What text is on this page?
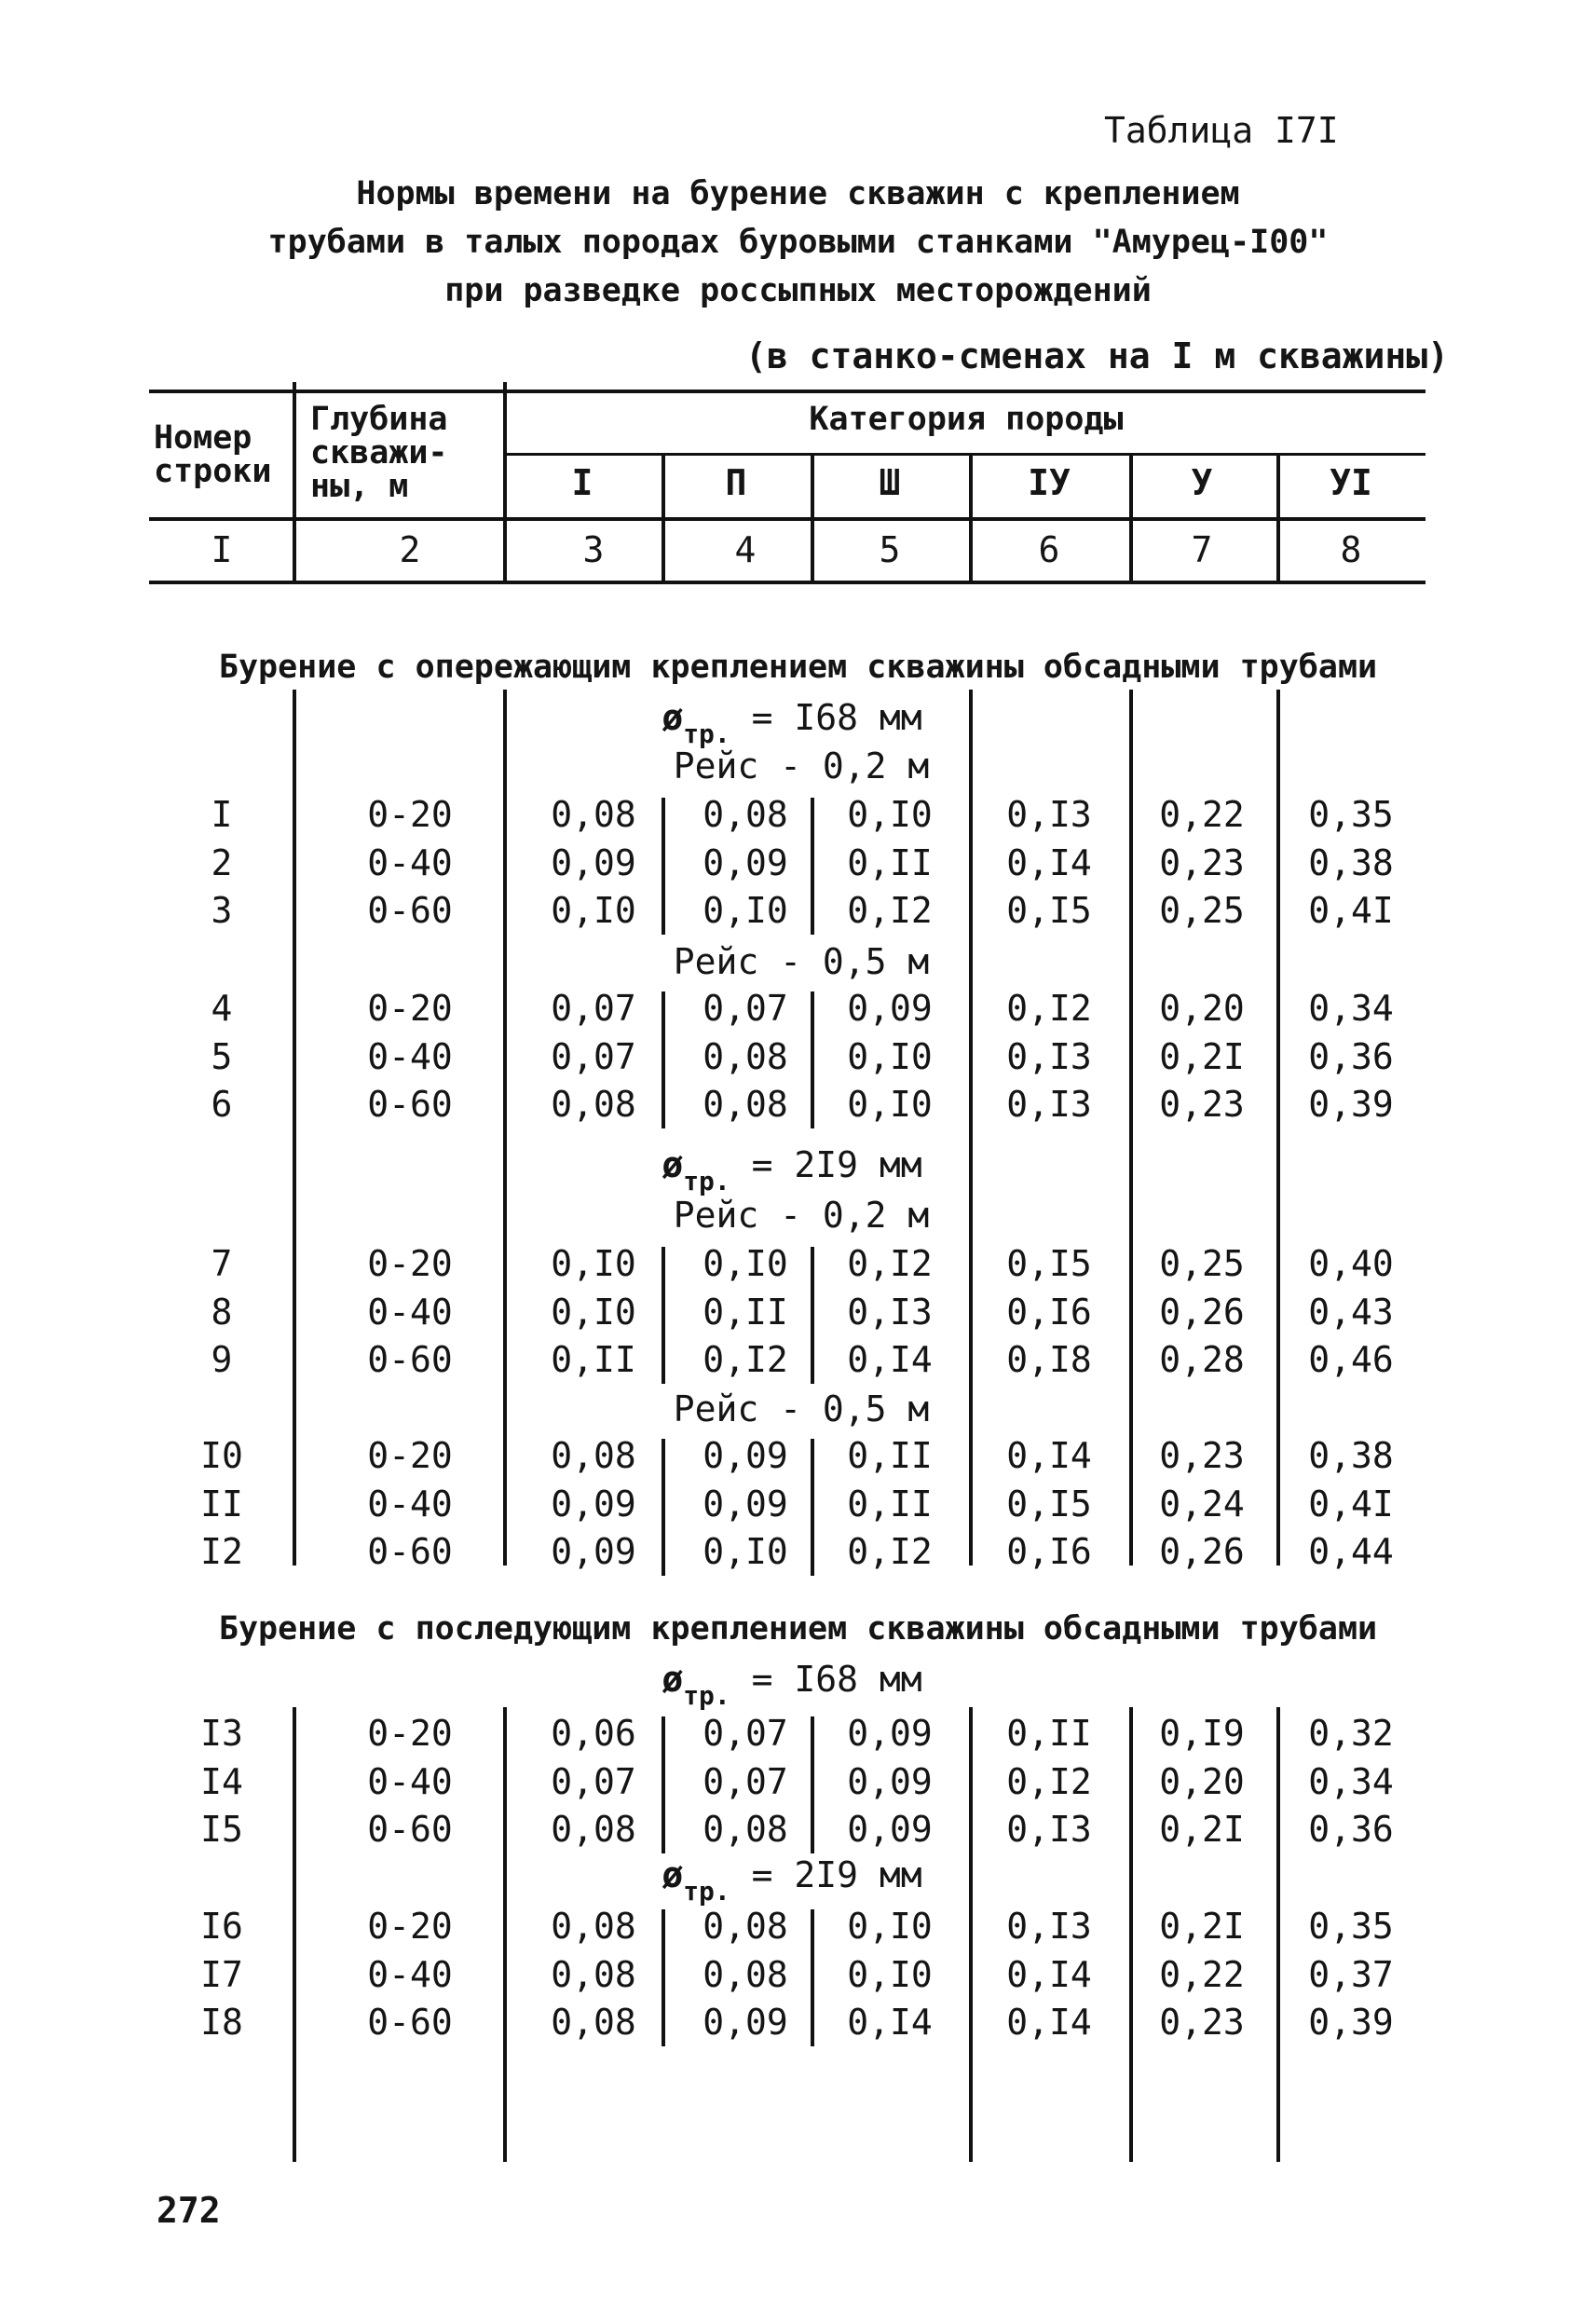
Таблица I7I
Нормы времени на бурение скважин с креплением
трубами в талых породах буровыми станками "Амурец-I00"
при разведке россыпных месторождений
(в станко-сменах на I м скважины)
Номер
строки
Глубина
скважи-
ны, м
Категория породы
I	П	Ш	IУ	У	УI
I	2	3	4	5	6	7	8
Бурение с опережающим креплением скважины обсадными трубами
$ø_{тр.} = I68$ мм
Рейс - 0,2 м
I	0-20	0,08	0,08	0,I0	0,I3	0,22	0,35
2	0-40	0,09	0,09	0,II	0,I4	0,23	0,38
3	0-60	0,I0	0,I0	0,I2	0,I5	0,25	0,4I
Рейс - 0,5 м
4	0-20	0,07	0,07	0,09	0,I2	0,20	0,34
5	0-40	0,07	0,08	0,I0	0,I3	0,2I	0,36
6	0-60	0,08	0,08	0,I0	0,I3	0,23	0,39
$ø_{тр.} = 2I9$ мм
Рейс - 0,2 м
7	0-20	0,I0	0,I0	0,I2	0,I5	0,25	0,40
8	0-40	0,I0	0,II	0,I3	0,I6	0,26	0,43
9	0-60	0,II	0,I2	0,I4	0,I8	0,28	0,46
Рейс - 0,5 м
I0	0-20	0,08	0,09	0,II	0,I4	0,23	0,38
II	0-40	0,09	0,09	0,II	0,I5	0,24	0,4I
I2	0-60	0,09	0,I0	0,I2	0,I6	0,26	0,44
Бурение с последующим креплением скважины обсадными трубами
$ø_{тр.} = I68$ мм
I3	0-20	0,06	0,07	0,09	0,II	0,I9	0,32
I4	0-40	0,07	0,07	0,09	0,I2	0,20	0,34
I5	0-60	0,08	0,08	0,09	0,I3	0,2I	0,36
$ø_{тр.} = 2I9$ мм
I6	0-20	0,08	0,08	0,I0	0,I3	0,2I	0,35
I7	0-40	0,08	0,08	0,I0	0,I4	0,22	0,37
I8	0-60	0,08	0,09	0,I4	0,I4	0,23	0,39
272
